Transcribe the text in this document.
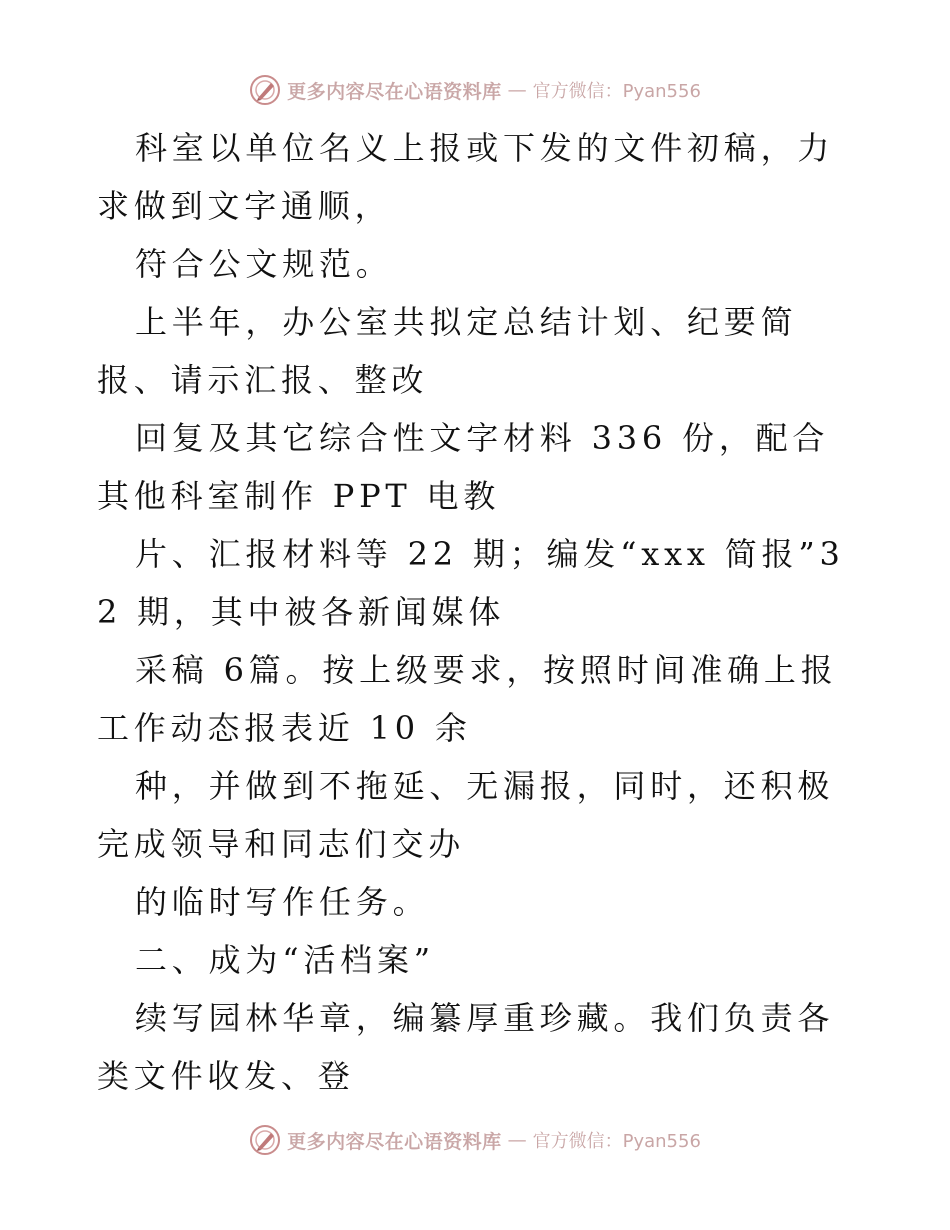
更多内容尽在心语资料库 — 官方微信：Pyan556

科室以单位名义上报或下发的文件初稿，力求做到文字通顺，

符合公文规范。

上半年，办公室共拟定总结计划、纪要简报、请示汇报、整改

回复及其它综合性文字材料 336 份，配合其他科室制作 PPT 电教

片、汇报材料等 22 期；编发“xxx 简报”32 期，其中被各新闻媒体

采稿 6篇。按上级要求，按照时间准确上报工作动态报表近 10 余

种，并做到不拖延、无漏报，同时，还积极完成领导和同志们交办

的临时写作任务。

二、成为“活档案”

续写园林华章，编纂厚重珍藏。我们负责各类文件收发、登

更多内容尽在心语资料库 — 官方微信：Pyan556
